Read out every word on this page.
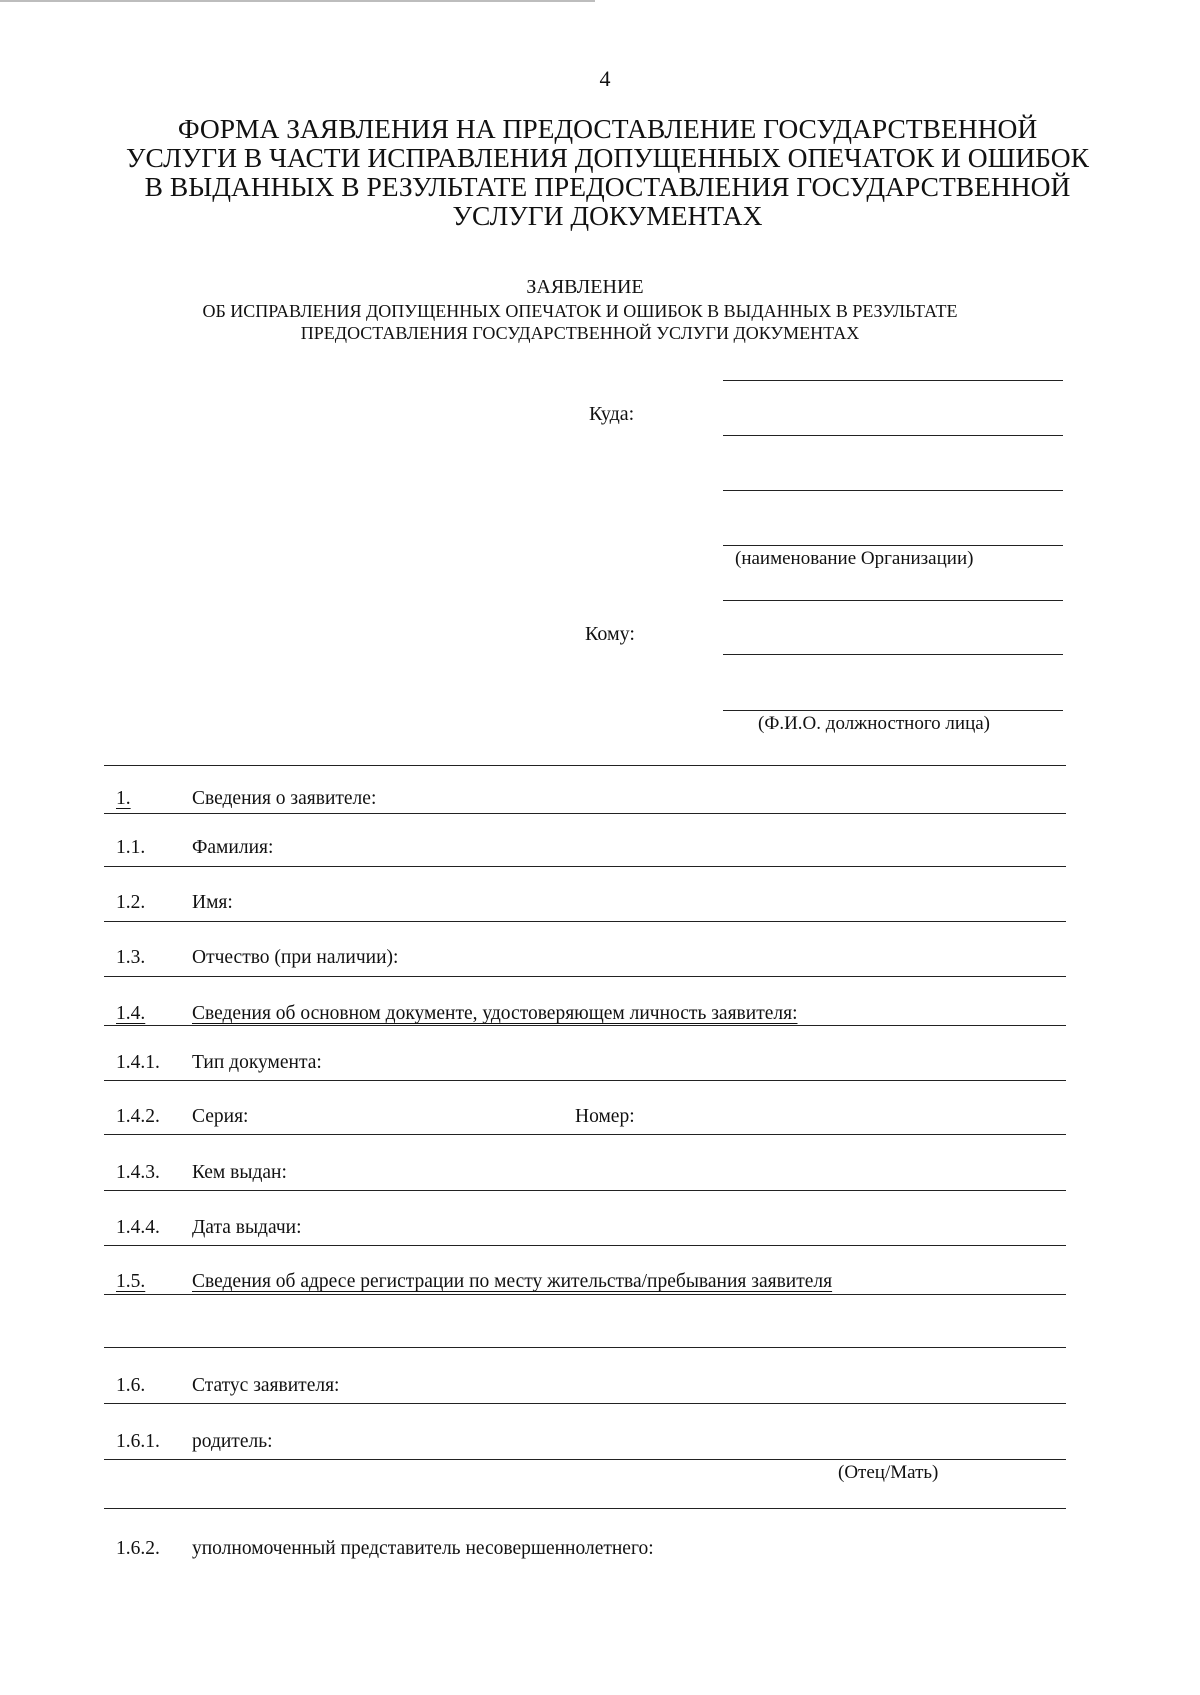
4
ФОРМА ЗАЯВЛЕНИЯ НА ПРЕДОСТАВЛЕНИЕ ГОСУДАРСТВЕННОЙ
УСЛУГИ В ЧАСТИ ИСПРАВЛЕНИЯ ДОПУЩЕННЫХ ОПЕЧАТОК И ОШИБОК
В ВЫДАННЫХ В РЕЗУЛЬТАТЕ ПРЕДОСТАВЛЕНИЯ ГОСУДАРСТВЕННОЙ
УСЛУГИ ДОКУМЕНТАХ
ЗАЯВЛЕНИЕ
ОБ ИСПРАВЛЕНИЯ ДОПУЩЕННЫХ ОПЕЧАТОК И ОШИБОК В ВЫДАННЫХ В РЕЗУЛЬТАТЕ
ПРЕДОСТАВЛЕНИЯ ГОСУДАРСТВЕННОЙ УСЛУГИ ДОКУМЕНТАХ
Куда:
(наименование Организации)
Кому:
(Ф.И.О. должностного лица)
1.	Сведения о заявителе:
1.1. Фамилия:
1.2. Имя:
1.3. Отчество (при наличии):
1.4. Сведения об основном документе, удостоверяющем личность заявителя:
1.4.1. Тип документа:
1.4.2. Серия:	Номер:
1.4.3. Кем выдан:
1.4.4. Дата выдачи:
1.5. Сведения об адресе регистрации по месту жительства/пребывания заявителя
1.6. Статус заявителя:
1.6.1. родитель:
(Отец/Мать)
1.6.2. уполномоченный представитель несовершеннолетнего:
